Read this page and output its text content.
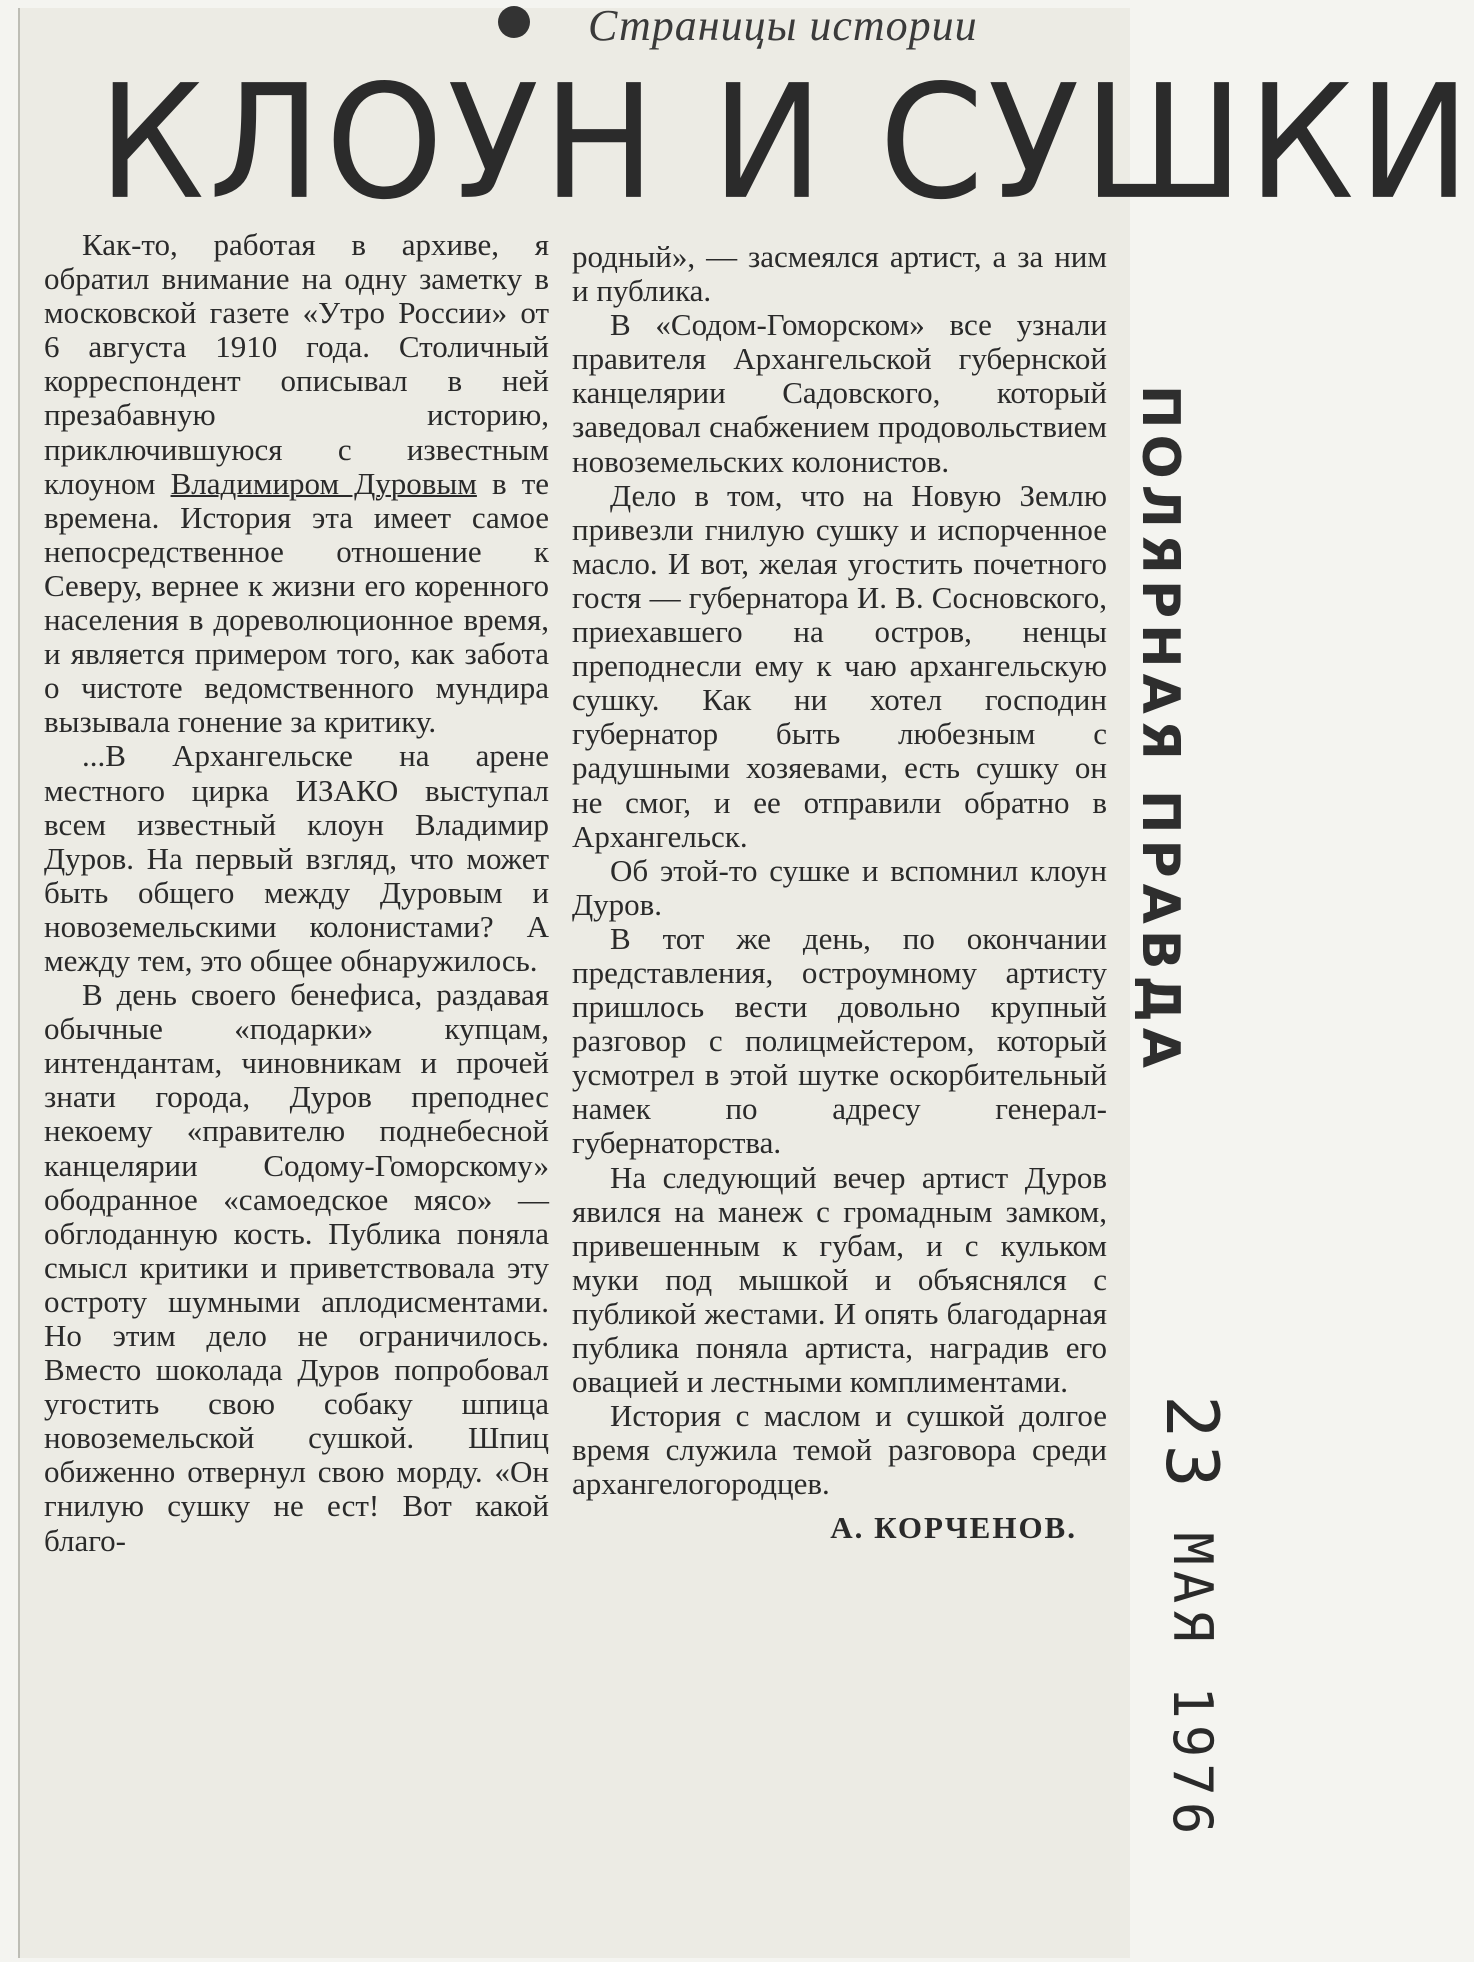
Страницы истории
КЛОУН И СУШКИ

Как-то, работая в архиве, я обратил внимание на одну заметку в московской газете «Утро России» от 6 августа 1910 года. Столичный корреспондент описывал в ней презабавную историю, приключившуюся с известным клоуном Владимиром Дуровым в те времена. История эта имеет самое непосредственное отношение к Северу, вернее к жизни его коренного населения в дореволюционное время, и является примером того, как забота о чистоте ведомственного мундира вызывала гонение за критику.

...В Архангельске на арене местного цирка ИЗАКО выступал всем известный клоун Владимир Дуров. На первый взгляд, что может быть общего между Дуровым и новоземельскими колонистами? А между тем, это общее обнаружилось.

В день своего бенефиса, раздавая обычные «подарки» купцам, интендантам, чиновникам и прочей знати города, Дуров преподнес некоему «правителю поднебесной канцелярии Содому-Гоморскому» ободранное «самоедское мясо» — обглоданную кость. Публика поняла смысл критики и приветствовала эту остроту шумными аплодисментами. Но этим дело не ограничилось. Вместо шоколада Дуров попробовал угостить свою собаку шпица новоземельской сушкой. Шпиц обиженно отвернул свою морду. «Он гнилую сушку не ест! Вот какой благо-

родный», — засмеялся артист, а за ним и публика.

В «Содом-Гоморском» все узнали правителя Архангельской губернской канцелярии Садовского, который заведовал снабжением продовольствием новоземельских колонистов.

Дело в том, что на Новую Землю привезли гнилую сушку и испорченное масло. И вот, желая угостить почетного гостя — губернатора И. В. Сосновского, приехавшего на остров, ненцы преподнесли ему к чаю архангельскую сушку. Как ни хотел господин губернатор быть любезным с радушными хозяевами, есть сушку он не смог, и ее отправили обратно в Архангельск.

Об этой-то сушке и вспомнил клоун Дуров.

В тот же день, по окончании представления, остроумному артисту пришлось вести довольно крупный разговор с полицмейстером, который усмотрел в этой шутке оскорбительный намек по адресу генерал-губернаторства.

На следующий вечер артист Дуров явился на манеж с громадным замком, привешенным к губам, и с кульком муки под мышкой и объяснялся с публикой жестами. И опять благодарная публика поняла артиста, наградив его овацией и лестными комплиментами.

История с маслом и сушкой долгое время служила темой разговора среди архангелогородцев.

А. КОРЧЕНОВ.
ПОЛЯРНАЯ ПРАВДА
23 МАЯ 1976
